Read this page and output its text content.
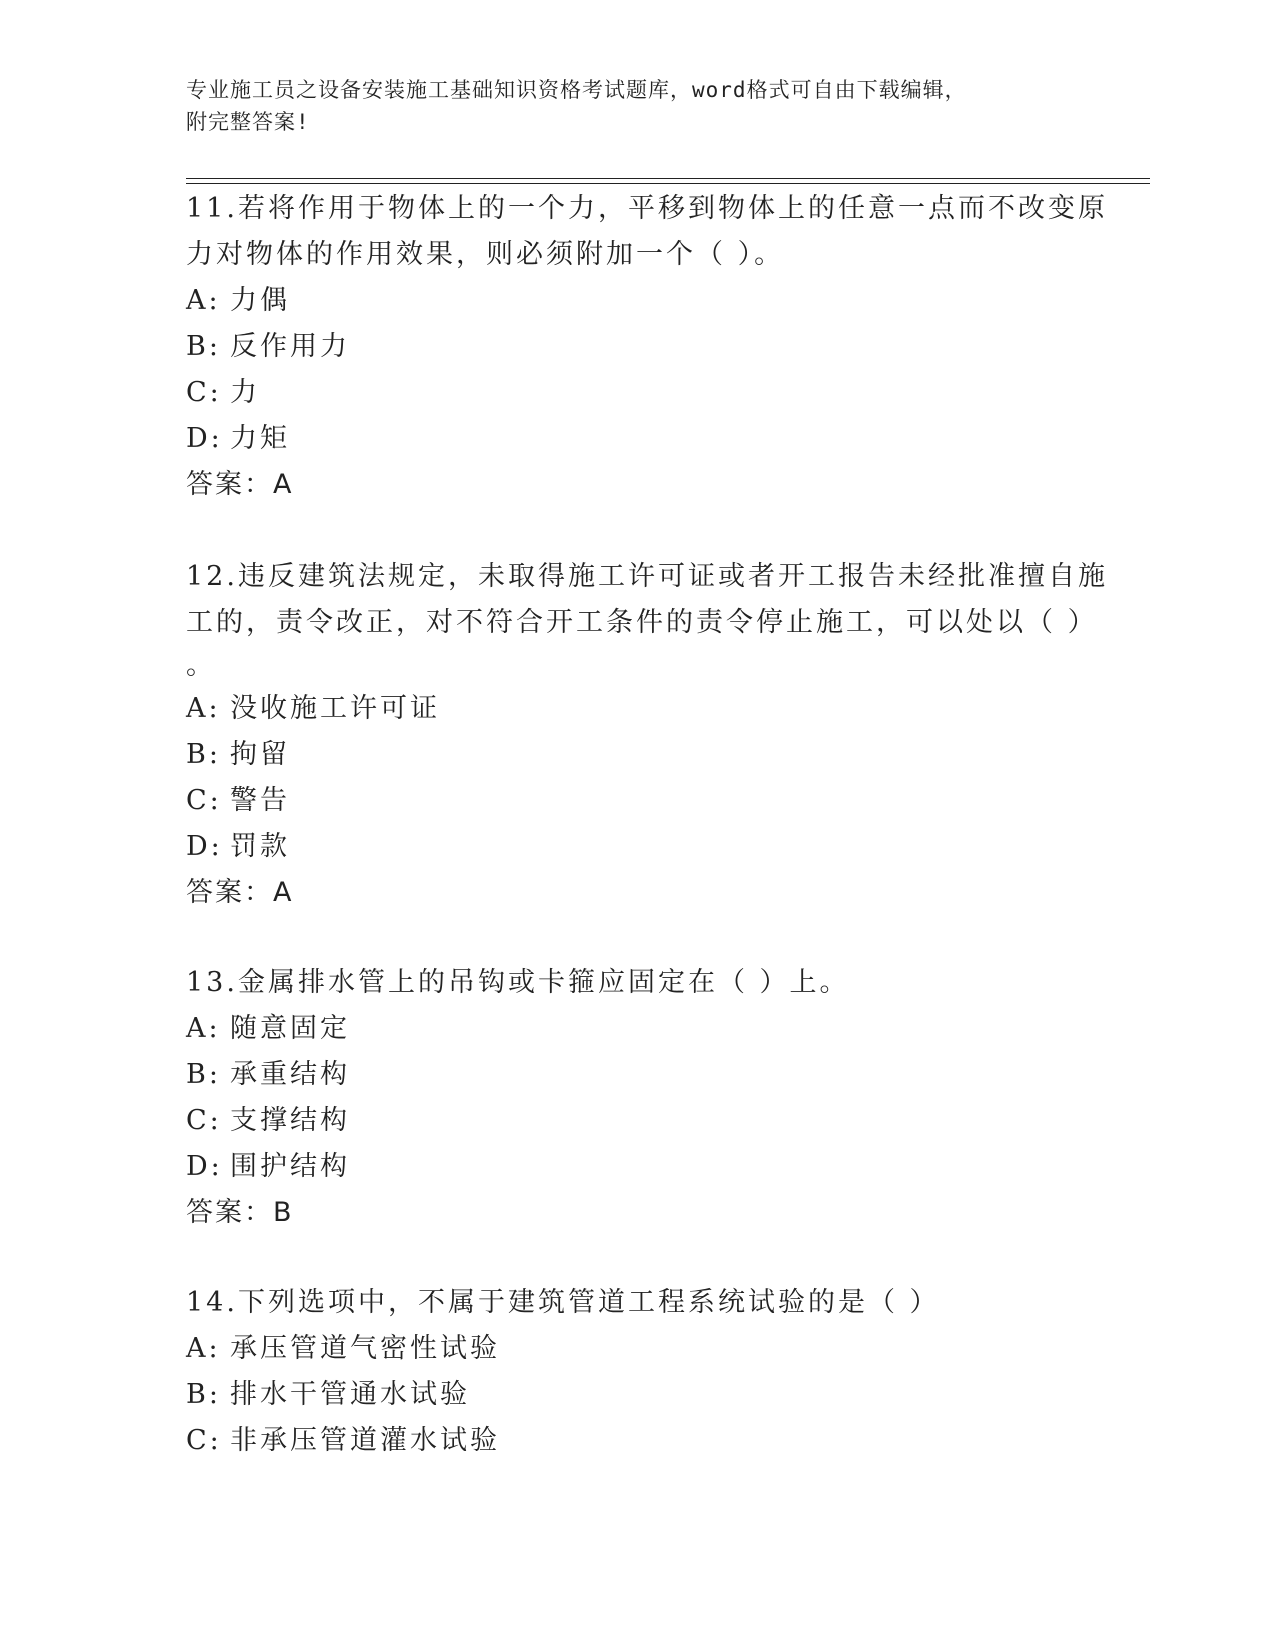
专业施工员之设备安装施工基础知识资格考试题库，word格式可自由下载编辑，
附完整答案!
11.若将作用于物体上的一个力，平移到物体上的任意一点而不改变原
力对物体的作用效果，则必须附加一个（ ）。
A: 力偶
B: 反作用力
C: 力
D: 力矩
答案：A
12.违反建筑法规定，未取得施工许可证或者开工报告未经批准擅自施
工的，责令改正，对不符合开工条件的责令停止施工，可以处以（ ）
。
A: 没收施工许可证
B: 拘留
C: 警告
D: 罚款
答案：A
13.金属排水管上的吊钩或卡箍应固定在（ ）上。
A: 随意固定
B: 承重结构
C: 支撑结构
D: 围护结构
答案：B
14.下列选项中，不属于建筑管道工程系统试验的是（ ）
A: 承压管道气密性试验
B: 排水干管通水试验
C: 非承压管道灌水试验
